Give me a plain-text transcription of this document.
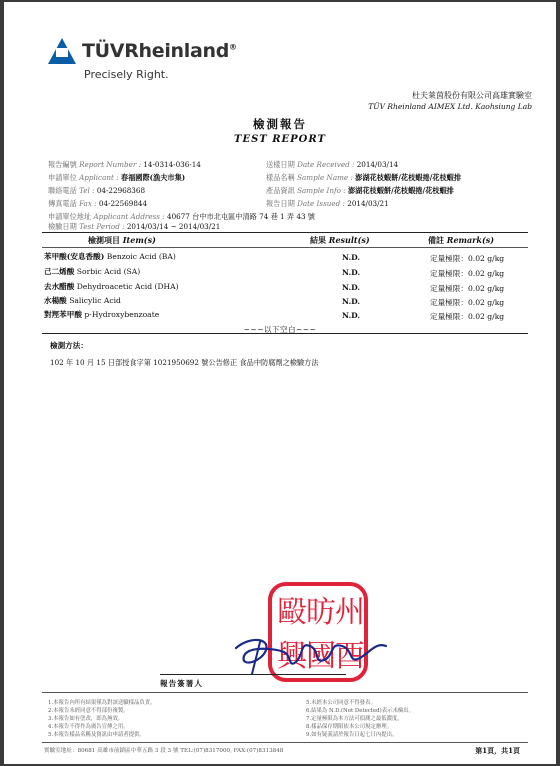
TÜVRheinland®
Precisely Right.
杜夫萊茵股份有限公司高雄實驗室
TÜV Rheinland AIMEX Ltd. Kaohsiung Lab
檢測報告
TEST REPORT
報告編號 Report Number : 14-0314-036-14
申請單位 Applicant : 春福國際(漁夫市集)
聯絡電話 Tel : 04-22968368
傳真電話 Fax : 04-22569844
送樣日期 Date Received : 2014/03/14
樣品名稱 Sample Name : 澎湖花枝蝦餅/花枝蝦捲/花枝蝦排
產品資訊 Sample Info : 澎湖花枝蝦餅/花枝蝦捲/花枝蝦排
報告日期 Date Issued : 2014/03/21
申請單位地址 Applicant Address : 40677 台中市北屯區中清路 74 巷 1 弄 43 號
檢驗日期 Test Period : 2014/03/14 ~ 2014/03/21
檢測項目 Item(s)	結果 Result(s)	備註 Remark(s)
苯甲酸(安息香酸) Benzoic Acid (BA)	N.D.	定量極限：0.02 g/kg
己二烯酸 Sorbic Acid (SA)	N.D.	定量極限：0.02 g/kg
去水醋酸 Dehydroacetic Acid (DHA)	N.D.	定量極限：0.02 g/kg
水楊酸 Salicylic Acid	N.D.	定量極限：0.02 g/kg
對羥苯甲酸 p-Hydroxybenzoate	N.D.	定量極限：0.02 g/kg
~~~以下空白~~~
檢測方法：
102 年 10 月 15 日部授食字第 1021950692 號公告修正 食品中防腐劑之檢驗方法
毆 昉 州
興 國 酉
報告簽署人
1.本報告內所有結果僅為對該送驗樣品負責。
2.本報告未經同意不得部份複製。
3.本報告如有塗改，即為無效。
4.本報告不得作為廣告宣傳之用。
5.本報告樣品名稱及資訊由申請者提供。
5.未經本公司同意不得發表。
6.結果為 N.D.(Not Detected)表示未檢出。
7.定量極限為本方法可偵測之最低濃度。
8.樣品保存期限依本公司規定辦理。
9.如有疑義請於報告日起七日內提出。
實驗室地址：80681 高雄市前鎮區中華五路 3 段 3 號 TEL:(07)8317000, FAX:(07)8313848	第1頁，共1頁
